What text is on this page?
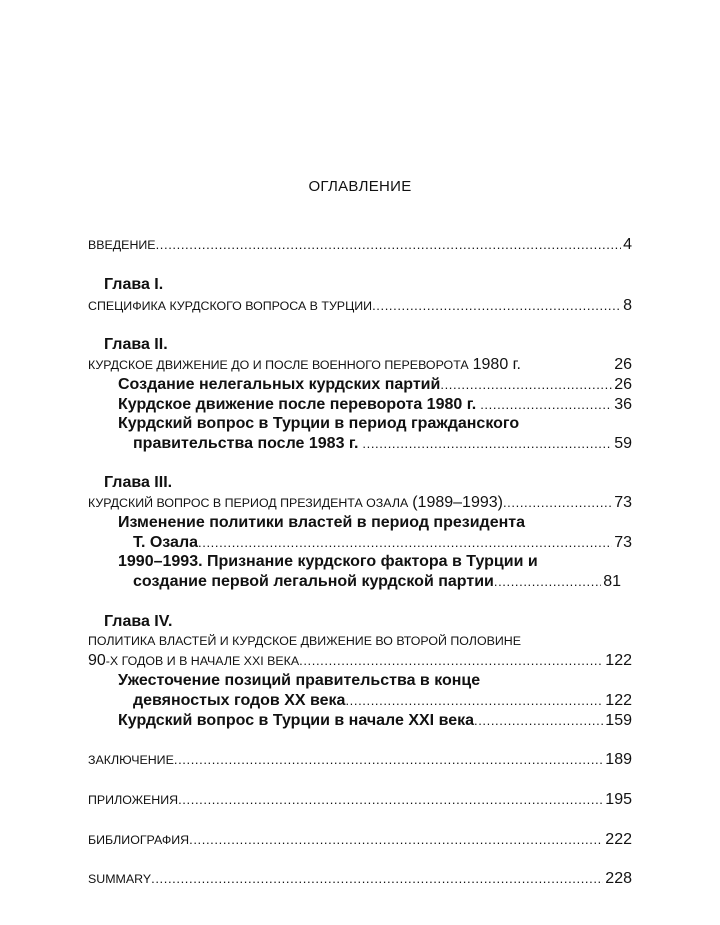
ОГЛАВЛЕНИЕ
ВВЕДЕНИЕ .....	4
Глава I.
СПЕЦИФИКА КУРДСКОГО ВОПРОСА В ТУРЦИИ .....	8
Глава II.
КУРДСКОЕ ДВИЖЕНИЕ ДО И ПОСЛЕ ВОЕННОГО ПЕРЕВОРОТА 1980 г.	26
Создание нелегальных курдских партий .....	26
Курдское движение после переворота 1980 г. .....	36
Курдский вопрос в Турции в период гражданского
правительства после 1983 г. .....	59
Глава III.
КУРДСКИЙ ВОПРОС В ПЕРИОД ПРЕЗИДЕНТА ОЗАЛА (1989–1993) .....	73
Изменение политики властей в период президента
Т. Озала .....	73
1990–1993. Признание курдского фактора в Турции и
создание первой легальной курдской партии .....	81
Глава IV.
ПОЛИТИКА ВЛАСТЕЙ И КУРДСКОЕ ДВИЖЕНИЕ ВО ВТОРОЙ ПОЛОВИНЕ
90 -Х ГОДОВ И В НАЧАЛЕ XXI ВЕКА .....	122
Ужесточение позиций правительства в конце
девяностых годов XX века .....	122
Курдский вопрос в Турции в начале XXI века .....	159
ЗАКЛЮЧЕНИЕ .....	189
ПРИЛОЖЕНИЯ .....	195
БИБЛИОГРАФИЯ .....	222
SUMMARY .....	228
